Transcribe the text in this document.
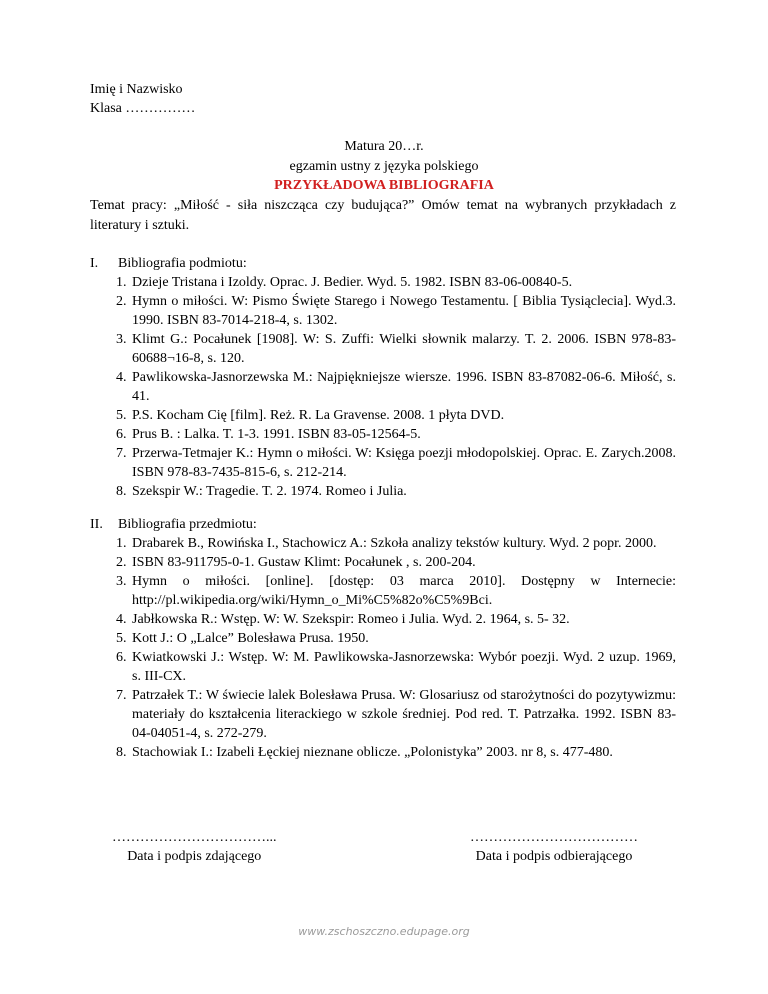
Imię i Nazwisko
Klasa ……………
Matura 20…r.
egzamin ustny z języka polskiego
PRZYKŁADOWA BIBLIOGRAFIA
Temat pracy: „Miłość - siła niszcząca czy budująca?” Omów temat na wybranych przykładach z literatury i sztuki.
I. Bibliografia podmiotu:
1. Dzieje Tristana i Izoldy. Oprac. J. Bedier. Wyd. 5. 1982. ISBN 83-06-00840-5.
2. Hymn o miłości. W: Pismo Święte Starego i Nowego Testamentu. [ Biblia Tysiąclecia]. Wyd.3. 1990. ISBN 83-7014-218-4, s. 1302.
3. Klimt G.: Pocałunek [1908]. W: S. Zuffi: Wielki słownik malarzy. T. 2. 2006. ISBN 978-83-60688¬16-8, s. 120.
4. Pawlikowska-Jasnorzewska M.: Najpiękniejsze wiersze. 1996. ISBN 83-87082-06-6. Miłość, s. 41.
5. P.S. Kocham Cię [film]. Reż. R. La Gravense. 2008. 1 płyta DVD.
6. Prus B. : Lalka. T. 1-3. 1991. ISBN 83-05-12564-5.
7. Przerwa-Tetmajer K.: Hymn o miłości. W: Księga poezji młodopolskiej. Oprac. E. Zarych.2008. ISBN 978-83-7435-815-6, s. 212-214.
8. Szekspir W.: Tragedie. T. 2. 1974. Romeo i Julia.
II. Bibliografia przedmiotu:
1. Drabarek B., Rowińska I., Stachowicz A.: Szkoła analizy tekstów kultury. Wyd. 2 popr. 2000.
2. ISBN 83-911795-0-1. Gustaw Klimt: Pocałunek , s. 200-204.
3. Hymn o miłości. [online]. [dostęp: 03 marca 2010]. Dostępny w Internecie: http://pl.wikipedia.org/wiki/Hymn_o_Mi%C5%82o%C5%9Bci.
4. Jabłkowska R.: Wstęp. W: W. Szekspir: Romeo i Julia. Wyd. 2. 1964, s. 5- 32.
5. Kott J.: O „Lalce” Bolesława Prusa. 1950.
6. Kwiatkowski J.: Wstęp. W: M. Pawlikowska-Jasnorzewska: Wybór poezji. Wyd. 2 uzup. 1969, s. III-CX.
7. Patrzałek T.: W świecie lalek Bolesława Prusa. W: Glosariusz od starożytności do pozytywizmu: materiały do kształcenia literackiego w szkole średniej. Pod red. T. Patrzałka. 1992. ISBN 83-04-04051-4, s. 272-279.
8. Stachowiak I.: Izabeli Łęckiej nieznane oblicze. „Polonistyka” 2003. nr 8, s. 477-480.
……………………………...
Data i podpis zdającego
………………………………
Data i podpis odbierającego
www.zschoszczno.edupage.org
